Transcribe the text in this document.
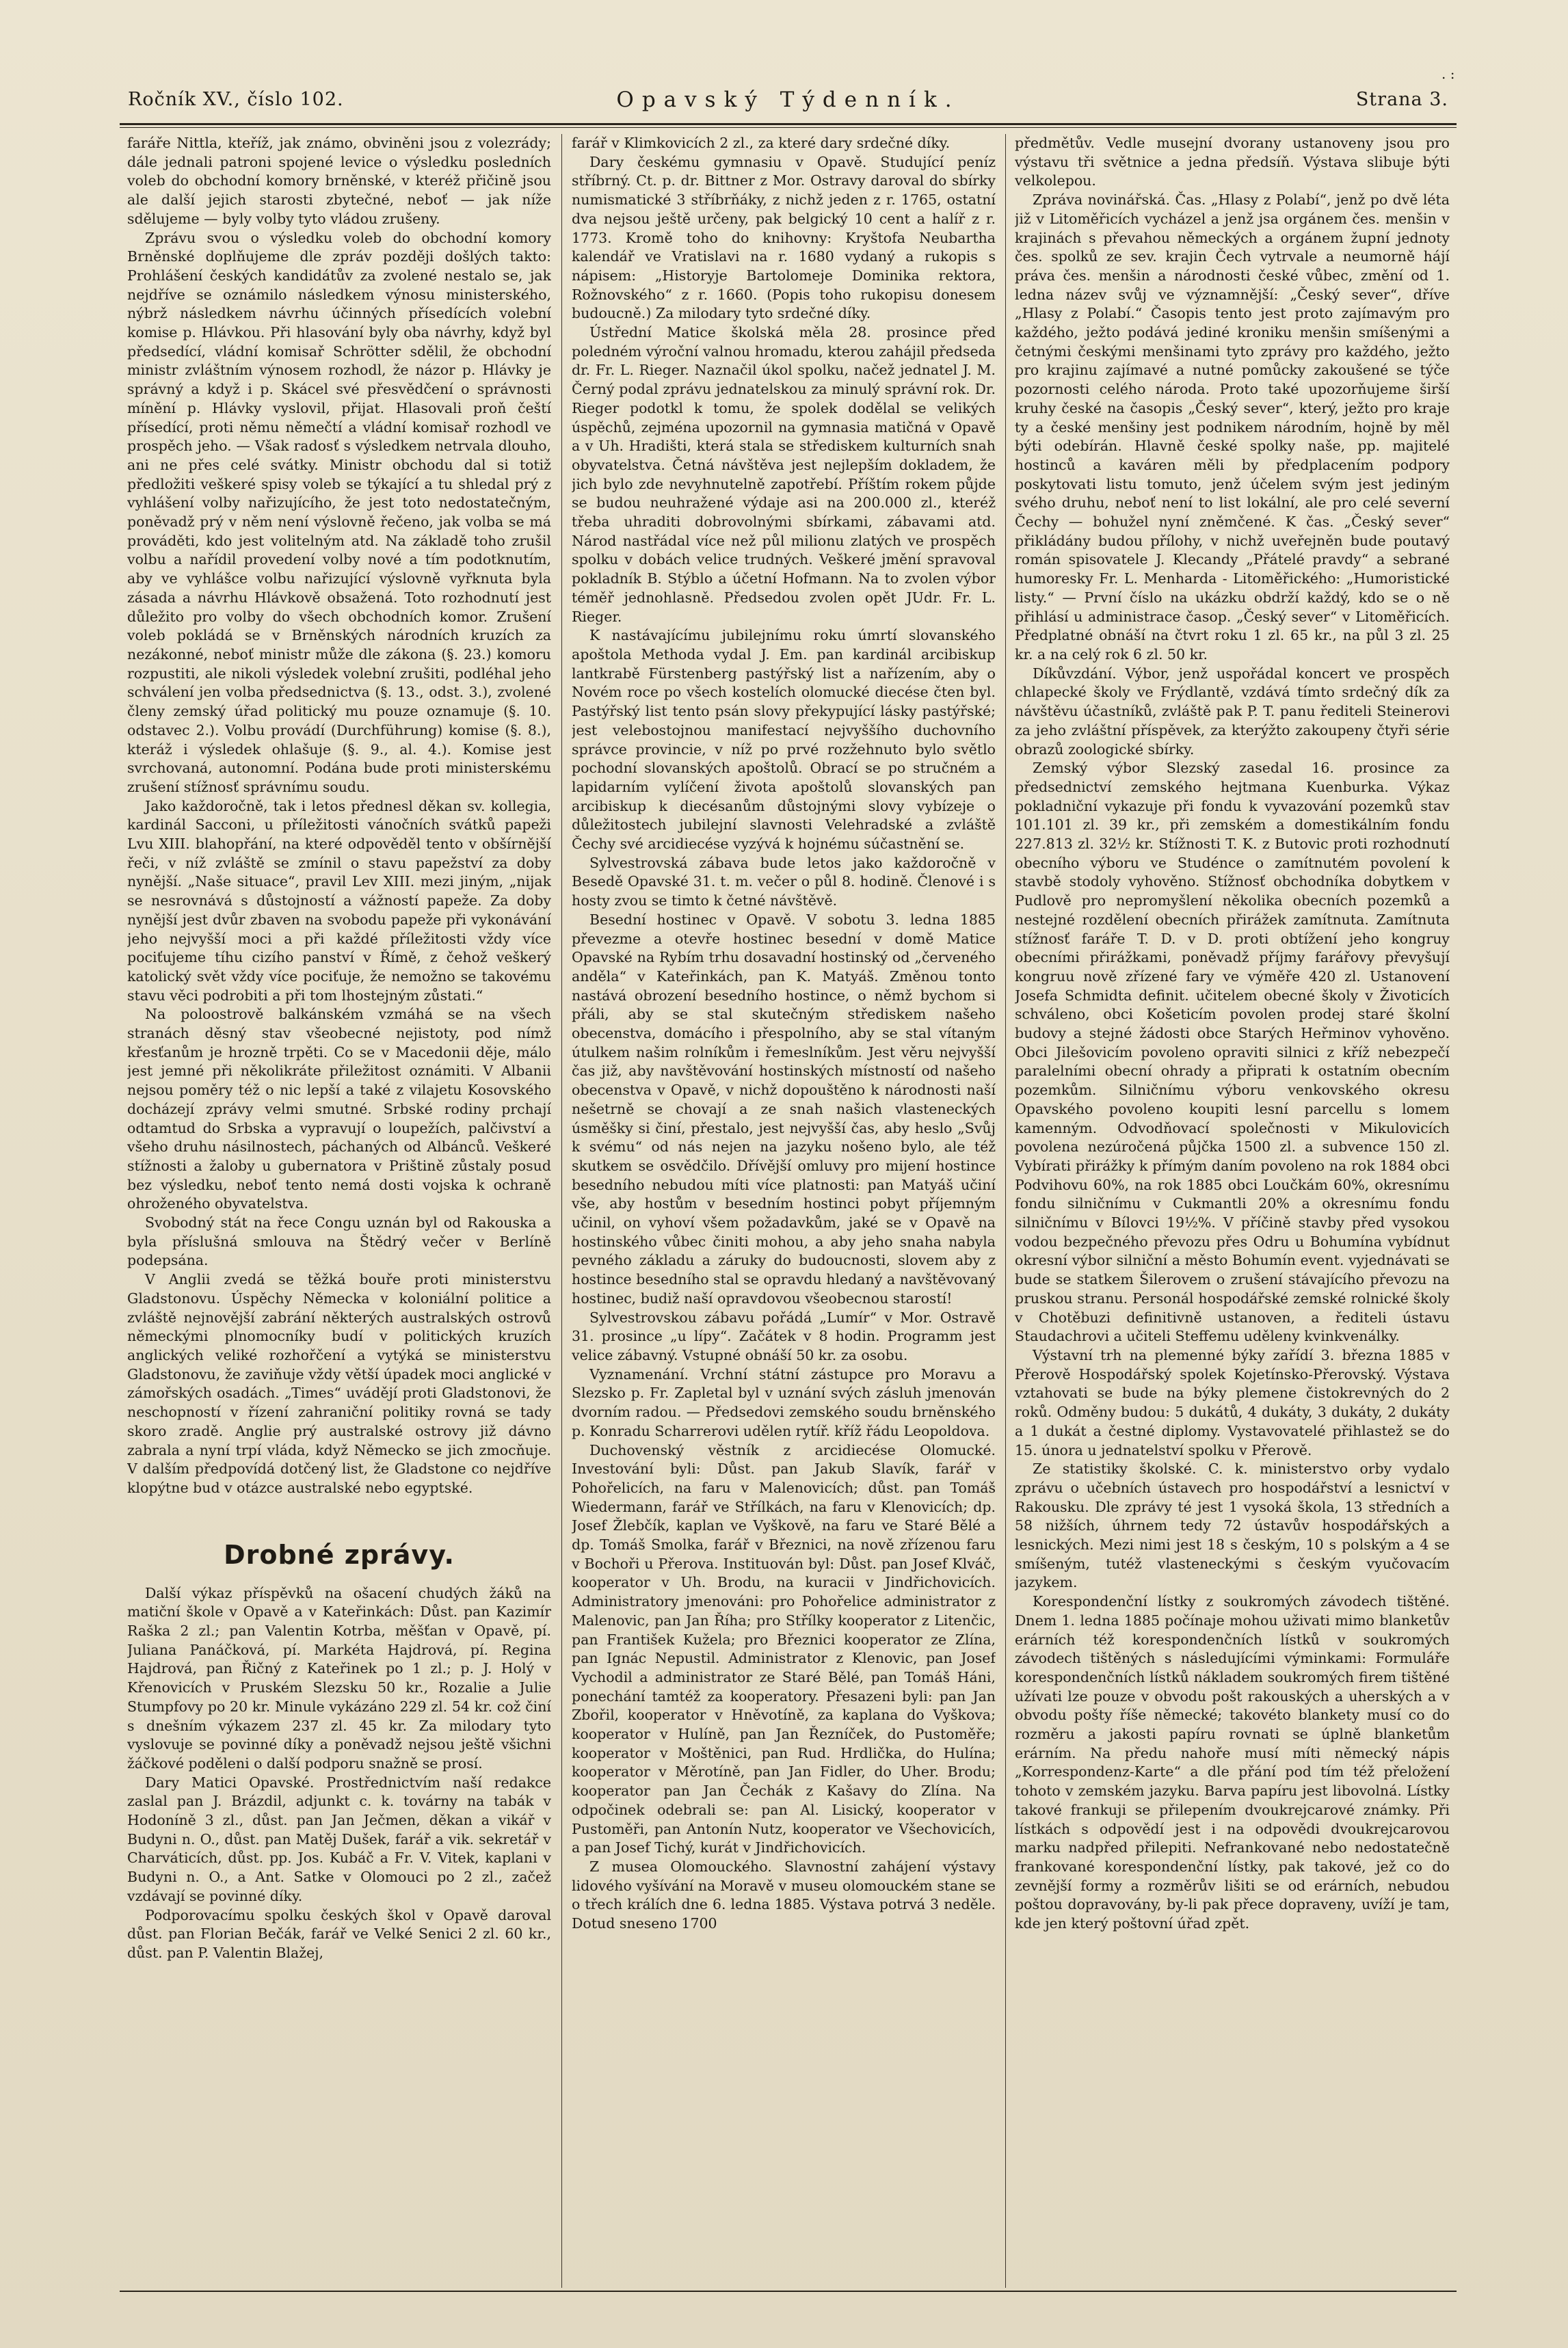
. :
Ročník XV., číslo 102.	Opavský Týdenník.	Strana 3.

faráře Nittla, kteříž, jak známo, obviněni jsou z volezrády; dále jednali patroni spojené levice o výsledku posledních voleb do obchodní komory brněnské, v kteréž přičině jsou ale další jejich starosti zbytečné, neboť — jak níže sdělujeme — byly volby tyto vládou zrušeny.

Zprávu svou o výsledku voleb do obchodní komory Brněnské doplňujeme dle zpráv později došlých takto: Prohlášení českých kandidátův za zvolené nestalo se, jak nejdříve se oznámilo následkem výnosu ministerského, nýbrž následkem návrhu účinných přísedících volební komise p. Hlávkou. Při hlasování byly oba návrhy, když byl předsedící, vládní komisař Schrötter sdělil, že obchodní ministr zvláštním výnosem rozhodl, že názor p. Hlávky je správný a když i p. Skácel své přesvědčení o správnosti mínění p. Hlávky vyslovil, přijat. Hlasovali proň čeští přísedící, proti němu němečtí a vládní komisař rozhodl ve prospěch jeho. — Však radosť s výsledkem netrvala dlouho, ani ne přes celé svátky. Ministr obchodu dal si totiž předložiti veškeré spisy voleb se týkající a tu shledal prý z vyhlášení volby nařizujícího, že jest toto nedostatečným, poněvadž prý v něm není výslovně řečeno, jak volba se má prováděti, kdo jest volitelným atd. Na základě toho zrušil volbu a nařídil provedení volby nové a tím podotknutím, aby ve vyhlášce volbu nařizující výslovně vyřknuta byla zásada a návrhu Hlávkově obsažená. Toto rozhodnutí jest důležito pro volby do všech obchodních komor. Zrušení voleb pokládá se v Brněnských národních kruzích za nezákonné, neboť ministr může dle zákona (§. 23.) komoru rozpustiti, ale nikoli výsledek volební zrušiti, podléhal jeho schválení jen volba předsednictva (§. 13., odst. 3.), zvolené členy zemský úřad politický mu pouze oznamuje (§. 10. odstavec 2.). Volbu provádí (Durchführung) komise (§. 8.), kteráž i výsledek ohlašuje (§. 9., al. 4.). Komise jest svrchovaná, autonomní. Podána bude proti ministerskému zrušení stížnosť správnímu soudu.

Jako každoročně, tak i letos přednesl děkan sv. kollegia, kardinál Sacconi, u příležitosti vánočních svátků papeži Lvu XIII. blahopřání, na které odpověděl tento v obšírnější řeči, v níž zvláště se zmínil o stavu papežství za doby nynější. „Naše situace“, pravil Lev XIII. mezi jiným, „nijak se nesrovnává s důstojností a vážností papeže. Za doby nynější jest dvůr zbaven na svobodu papeže při vykonávání jeho nejvyšší moci a při každé příležitosti vždy více pociťujeme tíhu cizího panství v Římě, z čehož veškerý katolický svět vždy více pociťuje, že nemožno se takovému stavu věci podrobiti a při tom lhostejným zůstati.“

Na poloostrově balkánském vzmáhá se na všech stranách děsný stav všeobecné nejistoty, pod nímž křesťanům je hrozně trpěti. Co se v Macedonii děje, málo jest jemné při několikráte přiležitost oznámiti. V Albanii nejsou poměry též o nic lepší a také z vilajetu Kosovského docházejí zprávy velmi smutné. Srbské rodiny prchají odtamtud do Srbska a vypravují o loupežích, palčivství a všeho druhu násilnostech, páchaných od Albánců. Veškeré stížnosti a žaloby u gubernatora v Prištině zůstaly posud bez výsledku, neboť tento nemá dosti vojska k ochraně ohroženého obyvatelstva.

Svobodný stát na řece Congu uznán byl od Rakouska a byla příslušná smlouva na Štědrý večer v Berlíně podepsána.

V Anglii zvedá se těžká bouře proti ministerstvu Gladstonovu. Úspěchy Německa v koloniální politice a zvláště nejnovější zabrání některých australských ostrovů německými plnomocníky budí v politických kruzích anglických veliké rozhořčení a vytýká se ministerstvu Gladstonovu, že zaviňuje vždy větší úpadek moci anglické v zámořských osadách. „Times“ uvádějí proti Gladstonovi, že neschopností v řízení zahraniční politiky rovná se tady skoro zradě. Anglie prý australské ostrovy již dávno zabrala a nyní trpí vláda, když Německo se jich zmocňuje. V dalším předpovídá dotčený list, že Gladstone co nejdříve klopýtne bud v otázce australské nebo egyptské.

Drobné zprávy.

Další výkaz příspěvků na ošacení chudých žáků na matiční škole v Opavě a v Kateřinkách: Důst. pan Kazimír Raška 2 zl.; pan Valentin Kotrba, měšťan v Opavě, pí. Juliana Panáčková, pí. Markéta Hajdrová, pí. Regina Hajdrová, pan Řičný z Kateřinek po 1 zl.; p. J. Holý v Křenovicích v Pruském Slezsku 50 kr., Rozalie a Julie Stumpfovy po 20 kr. Minule vykázáno 229 zl. 54 kr. což činí s dnešním výkazem 237 zl. 45 kr. Za milodary tyto vyslovuje se povinné díky a poněvadž nejsou ještě všichni žáčkové poděleni o další podporu snažně se prosí.

Dary Matici Opavské. Prostřednictvím naší redakce zaslal pan J. Brázdil, adjunkt c. k. továrny na tabák v Hodoníně 3 zl., důst. pan Jan Ječmen, děkan a vikář v Budyni n. O., důst. pan Matěj Dušek, farář a vik. sekretář v Charváticích, důst. pp. Jos. Kubáč a Fr. V. Vitek, kaplani v Budyni n. O., a Ant. Satke v Olomouci po 2 zl., začež vzdávají se povinné díky.

Podporovacímu spolku českých škol v Opavě daroval důst. pan Florian Bečák, farář ve Velké Senici 2 zl. 60 kr., důst. pan P. Valentin Blažej,

farář v Klimkovicích 2 zl., za které dary srdečné díky.

Dary českému gymnasiu v Opavě. Studující peníz stříbrný. Ct. p. dr. Bittner z Mor. Ostravy daroval do sbírky numismatické 3 stříbrňáky, z nichž jeden z r. 1765, ostatní dva nejsou ještě určeny, pak belgický 10 cent a halíř z r. 1773. Kromě toho do knihovny: Kryštofa Neubartha kalendář ve Vratislavi na r. 1680 vydaný a rukopis s nápisem: „Historyje Bartolomeje Dominika rektora, Rožnovského“ z r. 1660. (Popis toho rukopisu donesem budoucně.) Za milodary tyto srdečné díky.

Ústřední Matice školská měla 28. prosince před poledném výroční valnou hromadu, kterou zahájil předseda dr. Fr. L. Rieger. Naznačil úkol spolku, načež jednatel J. M. Černý podal zprávu jednatelskou za minulý správní rok. Dr. Rieger podotkl k tomu, že spolek dodělal se velikých úspěchů, zejména upozornil na gymnasia matičná v Opavě a v Uh. Hradišti, která stala se střediskem kulturních snah obyvatelstva. Četná návštěva jest nejlepším dokladem, že jich bylo zde nevyhnutelně zapotřebí. Příštím rokem půjde se budou neuhražené výdaje asi na 200.000 zl., kteréž třeba uhraditi dobrovolnými sbírkami, zábavami atd. Národ nastřádal více než půl milionu zlatých ve prospěch spolku v dobách velice trudných. Veškeré jmění spravoval pokladník B. Stýblo a účetní Hofmann. Na to zvolen výbor téměř jednohlasně. Předsedou zvolen opět JUdr. Fr. L. Rieger.

K nastávajícímu jubilejnímu roku úmrtí slovanského apoštola Methoda vydal J. Em. pan kardinál arcibiskup lantkrabě Fürstenberg pastýřský list a nařízením, aby o Novém roce po všech kostelích olomucké diecése čten byl. Pastýřský list tento psán slovy překypující lásky pastýřské; jest velebostojnou manifestací nejvyššího duchovního správce provincie, v níž po prvé rozžehnuto bylo světlo pochodní slovanských apoštolů. Obrací se po stručném a lapidarním vylíčení života apoštolů slovanských pan arcibiskup k diecésanům důstojnými slovy vybízeje o důležitostech jubilejní slavnosti Velehradské a zvláště Čechy své arcidiecése vyzývá k hojnému súčastnění se.

Sylvestrovská zábava bude letos jako každoročně v Besedě Opavské 31. t. m. večer o půl 8. hodině. Členové i s hosty zvou se timto k četné návštěvě.

Besední hostinec v Opavě. V sobotu 3. ledna 1885 převezme a otevře hostinec besední v domě Matice Opavské na Rybím trhu dosavadní hostinský od „červeného anděla“ v Kateřinkách, pan K. Matyáš. Změnou tonto nastává obrození besedního hostince, o němž bychom si přáli, aby se stal skutečným střediskem našeho obecenstva, domácího i přespolního, aby se stal vítaným útulkem našim rolníkům i řemeslníkům. Jest věru nejvyšší čas již, aby navštěvování hostinských místností od našeho obecenstva v Opavě, v nichž dopouštěno k národnosti naší nešetrně se chovají a ze snah našich vlasteneckých úsměšky si činí, přestalo, jest nejvyšší čas, aby heslo „Svůj k svému“ od nás nejen na jazyku nošeno bylo, ale též skutkem se osvědčilo. Dřívější omluvy pro mijení hostince besedního nebudou míti více platnosti: pan Matyáš učiní vše, aby hostům v besedním hostinci pobyt příjemným učinil, on vyhoví všem požadavkům, jaké se v Opavě na hostinského vůbec činiti mohou, a aby jeho snaha nabyla pevného základu a záruky do budoucnosti, slovem aby z hostince besedního stal se opravdu hledaný a navštěvovaný hostinec, budiž naší opravdovou všeobecnou starostí!

Sylvestrovskou zábavu pořádá „Lumír“ v Mor. Ostravě 31. prosince „u lípy“. Začátek v 8 hodin. Programm jest velice zábavný. Vstupné obnáší 50 kr. za osobu.

Vyznamenání. Vrchní státní zástupce pro Moravu a Slezsko p. Fr. Zapletal byl v uznání svých zásluh jmenován dvorním radou. — Předsedovi zemského soudu brněnského p. Konradu Scharrerovi udělen rytíř. kříž řádu Leopoldova.

Duchovenský věstník z arcidiecése Olomucké. Investování byli: Důst. pan Jakub Slavík, farář v Pohořelicích, na faru v Malenovicích; důst. pan Tomáš Wiedermann, farář ve Střílkách, na faru v Klenovicích; dp. Josef Žlebčík, kaplan ve Vyškově, na faru ve Staré Bělé a dp. Tomáš Smolka, farář v Březnici, na nově zřízenou faru v Bochoři u Přerova. Instituován byl: Důst. pan Josef Klváč, kooperator v Uh. Brodu, na kuracii v Jindřichovicích. Administratory jmenováni: pro Pohořelice administrator z Malenovic, pan Jan Říha; pro Střílky kooperator z Litenčic, pan František Kužela; pro Březnici kooperator ze Zlína, pan Ignác Nepustil. Administrator z Klenovic, pan Josef Vychodil a administrator ze Staré Bělé, pan Tomáš Háni, ponechání tamtéž za kooperatory. Přesazeni byli: pan Jan Zbořil, kooperator v Hněvotíně, za kaplana do Vyškova; kooperator v Hulíně, pan Jan Řezníček, do Pustoměře; kooperator v Moštěnici, pan Rud. Hrdlička, do Hulína; kooperator v Měrotíně, pan Jan Fidler, do Uher. Brodu; kooperator pan Jan Čechák z Kašavy do Zlína. Na odpočinek odebrali se: pan Al. Lisický, kooperator v Pustoměři, pan Antonín Nutz, kooperator ve Všechovicích, a pan Josef Tichý, kurát v Jindřichovicích.

Z musea Olomouckého. Slavnostní zahájení výstavy lidového vyšívání na Moravě v museu olomouckém stane se o třech králích dne 6. ledna 1885. Výstava potrvá 3 neděle. Dotud sneseno 1700

předmětův. Vedle musejní dvorany ustanoveny jsou pro výstavu tři světnice a jedna předsíň. Výstava slibuje býti velkolepou.

Zpráva novinářská. Čas. „Hlasy z Polabí“, jenž po dvě léta již v Litoměřicích vycházel a jenž jsa orgánem čes. menšin v krajinách s převahou německých a orgánem župní jednoty čes. spolků ze sev. krajin Čech vytrvale a neumorně hájí práva čes. menšin a národnosti české vůbec, změní od 1. ledna název svůj ve významnější: „Český sever“, dříve „Hlasy z Polabí.“ Časopis tento jest proto zajímavým pro každého, ježto podává jediné kroniku menšin smíšenými a četnými českými menšinami tyto zprávy pro každého, ježto pro krajinu zajímavé a nutné pomůcky zakoušené se týče pozornosti celého národa. Proto také upozorňujeme širší kruhy české na časopis „Český sever“, který, ježto pro kraje ty a české menšiny jest podnikem národním, hojně by měl býti odebírán. Hlavně české spolky naše, pp. majitelé hostinců a kaváren měli by předplacením podpory poskytovati listu tomuto, jenž účelem svým jest jediným svého druhu, neboť není to list lokální, ale pro celé severní Čechy — bohužel nyní zněmčené. K čas. „Český sever“ přikládány budou přílohy, v nichž uveřejněn bude poutavý román spisovatele J. Klecandy „Přátelé pravdy“ a sebrané humoresky Fr. L. Menharda - Litoměřického: „Humoristické listy.“ — První číslo na ukázku obdrží každý, kdo se o ně přihlásí u administrace časop. „Český sever“ v Litoměřicích. Předplatné obnáší na čtvrt roku 1 zl. 65 kr., na půl 3 zl. 25 kr. a na celý rok 6 zl. 50 kr.

Díkůvzdání. Výbor, jenž uspořádal koncert ve prospěch chlapecké školy ve Frýdlantě, vzdává tímto srdečný dík za návštěvu účastníků, zvláště pak P. T. panu řediteli Steinerovi za jeho zvláštní příspěvek, za kterýžto zakoupeny čtyři série obrazů zoologické sbírky.

Zemský výbor Slezský zasedal 16. prosince za předsednictví zemského hejtmana Kuenburka. Výkaz pokladniční vykazuje při fondu k vyvazování pozemků stav 101.101 zl. 39 kr., při zemském a domestikálním fondu 227.813 zl. 32½ kr. Stížnosti T. K. z Butovic proti rozhodnutí obecního výboru ve Studénce o zamítnutém povolení k stavbě stodoly vyhověno. Stížnosť obchodníka dobytkem v Pudlově pro nepromyšlení několika obecních pozemků a nestejné rozdělení obecních přirážek zamítnuta. Zamítnuta stížnosť faráře T. D. v D. proti obtížení jeho kongruy obecními přirážkami, poněvadž příjmy farářovy převyšují kongruu nově zřízené fary ve výměře 420 zl. Ustanovení Josefa Schmidta definit. učitelem obecné školy v Životicích schváleno, obci Košeticím povolen prodej staré školní budovy a stejné žádosti obce Starých Heřminov vyhověno. Obci Jilešovicím povoleno opraviti silnici z kříž nebezpečí paralelními obecní ohrady a připrati k ostatním obecním pozemkům. Silničnímu výboru venkovského okresu Opavského povoleno koupiti lesní parcellu s lomem kamenným. Odvodňovací společnosti v Mikulovicích povolena nezúročená půjčka 1500 zl. a subvence 150 zl. Vybírati přirážky k přímým daním povoleno na rok 1884 obci Podvihovu 60%, na rok 1885 obci Loučkám 60%, okresnímu fondu silničnímu v Cukmantli 20% a okresnímu fondu silničnímu v Bílovci 19½%. V příčině stavby před vysokou vodou bezpečného převozu přes Odru u Bohumína vybídnut okresní výbor silniční a město Bohumín event. vyjednávati se bude se statkem Šilerovem o zrušení stávajícího převozu na pruskou stranu. Personál hospodářské zemské rolnické školy v Chotěbuzi definitivně ustanoven, a řediteli ústavu Staudachrovi a učiteli Steffemu uděleny kvinkvenálky.

Výstavní trh na plemenné býky zařídí 3. března 1885 v Přerově Hospodářský spolek Kojetínsko-Přerovský. Výstava vztahovati se bude na býky plemene čistokrevných do 2 roků. Odměny budou: 5 dukátů, 4 dukáty, 3 dukáty, 2 dukáty a 1 dukát a čestné diplomy. Vystavovatelé přihlastež se do 15. února u jednatelství spolku v Přerově.

Ze statistiky školské. C. k. ministerstvo orby vydalo zprávu o učebních ústavech pro hospodářství a lesnictví v Rakousku. Dle zprávy té jest 1 vysoká škola, 13 středních a 58 nižších, úhrnem tedy 72 ústavův hospodářských a lesnických. Mezi nimi jest 18 s českým, 10 s polským a 4 se smíšeným, tutéž vlasteneckými s českým vyučovacím jazykem.

Korespondenční lístky z soukromých závodech tištěné. Dnem 1. ledna 1885 počínaje mohou uživati mimo blanketův erárních též korespondenčních lístků v soukromých závodech tištěných s následujícími výminkami: Formuláře korespondenčních lístků nákladem soukromých firem tištěné užívati lze pouze v obvodu pošt rakouských a uherských a v obvodu pošty říše německé; takovéto blankety musí co do rozměru a jakosti papíru rovnati se úplně blanketům erárním. Na předu nahoře musí míti německý nápis „Korrespondenz-Karte“ a dle přání pod tím též přeložení tohoto v zemském jazyku. Barva papíru jest libovolná. Lístky takové frankuji se přilepením dvoukrejcarové známky. Při lístkách s odpovědí jest i na odpovědi dvoukrejcarovou marku nadpřed přilepiti. Nefrankované nebo nedostatečně frankované korespondenční lístky, pak takové, jež co do zevnější formy a rozměrův lišiti se od erárních, nebudou poštou dopravovány, by-li pak přece dopraveny, uvíží je tam, kde jen který poštovní úřad zpět.
